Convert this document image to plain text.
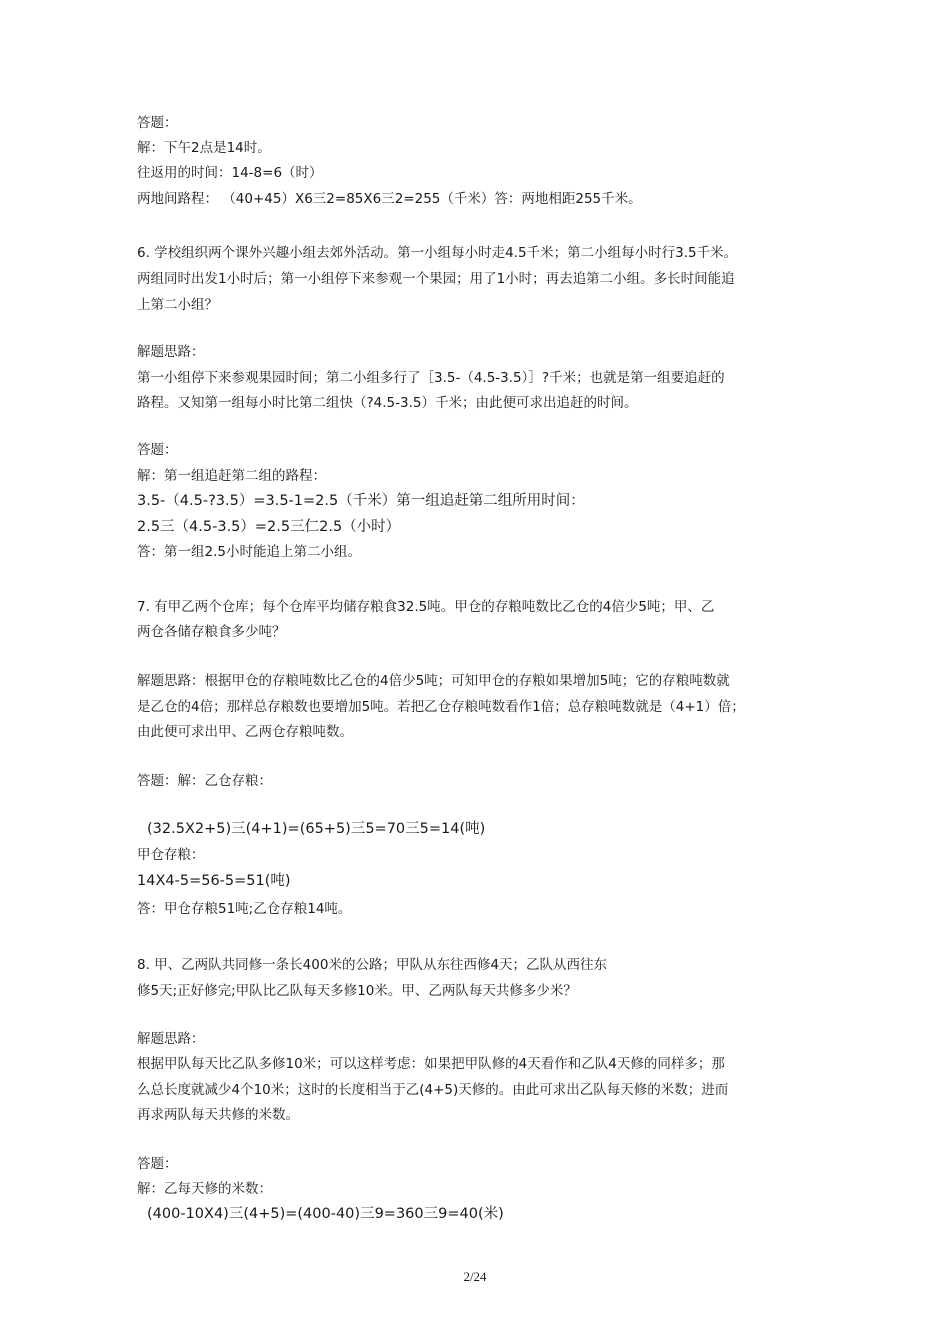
答题：

解：下午2点是14时。

往返用的时间：14-8=6（时）

两地间路程： （40+45）X6三2=85X6三2=255（千米）答：两地相距255千米。

6. 学校组织两个课外兴趣小组去郊外活动。第一小组每小时走4.5千米；第二小组每小时行3.5千米。

两组同时出发1小时后；第一小组停下来参观一个果园；用了1小时；再去追第二小组。多长时间能追

上第二小组？

解题思路：

第一小组停下来参观果园时间；第二小组多行了［3.5-（4.5-3.5）］?千米；也就是第一组要追赶的

路程。又知第一组每小时比第二组快（?4.5-3.5）千米；由此便可求出追赶的时间。

答题：

解：第一组追赶第二组的路程：

3.5-（4.5-?3.5）=3.5-1=2.5（千米）第一组追赶第二组所用时间：

2.5三（4.5-3.5）=2.5三仁2.5（小时）

答：第一组2.5小时能追上第二小组。

7. 有甲乙两个仓库；每个仓库平均储存粮食32.5吨。甲仓的存粮吨数比乙仓的4倍少5吨；甲、乙

两仓各储存粮食多少吨？

解题思路：根据甲仓的存粮吨数比乙仓的4倍少5吨；可知甲仓的存粮如果增加5吨；它的存粮吨数就

是乙仓的4倍；那样总存粮数也要增加5吨。若把乙仓存粮吨数看作1倍；总存粮吨数就是（4+1）倍；

由此便可求出甲、乙两仓存粮吨数。

答题：解：乙仓存粮：

(32.5X2+5)三(4+1)=(65+5)三5=70三5=14(吨)

甲仓存粮：

14X4-5=56-5=51(吨)

答：甲仓存粮51吨;乙仓存粮14吨。

8. 甲、乙两队共同修一条长400米的公路；甲队从东往西修4天；乙队从西往东

修5天;正好修完;甲队比乙队每天多修10米。甲、乙两队每天共修多少米？

解题思路：

根据甲队每天比乙队多修10米；可以这样考虑：如果把甲队修的4天看作和乙队4天修的同样多；那

么总长度就减少4个10米；这时的长度相当于乙(4+5)天修的。由此可求出乙队每天修的米数；进而

再求两队每天共修的米数。

答题：

解：乙每天修的米数：

(400-10X4)三(4+5)=(400-40)三9=360三9=40(米)

2/24
